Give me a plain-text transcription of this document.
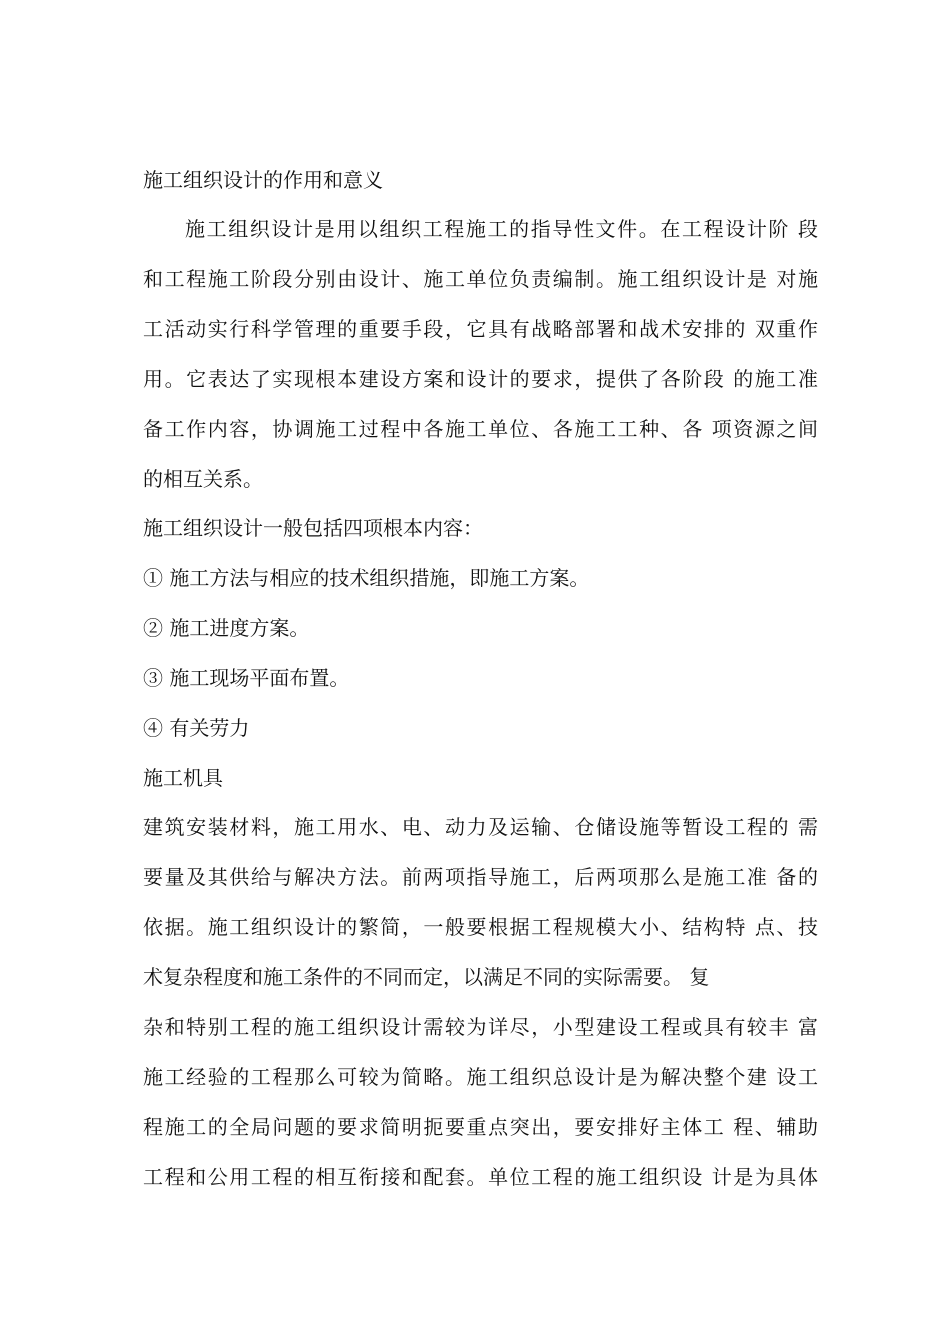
施工组织设计的作用和意义
施工组织设计是用以组织工程施工的指导性文件。在工程设计阶 段
和工程施工阶段分别由设计、施工单位负责编制。施工组织设计是 对施
工活动实行科学管理的重要手段，它具有战略部署和战术安排的 双重作
用。它表达了实现根本建设方案和设计的要求，提供了各阶段 的施工准
备工作内容，协调施工过程中各施工单位、各施工工种、各 项资源之间
的相互关系。
施工组织设计一般包括四项根本内容：
① 施工方法与相应的技术组织措施，即施工方案。
② 施工进度方案。
③ 施工现场平面布置。
④ 有关劳力
施工机具
建筑安装材料，施工用水、电、动力及运输、仓储设施等暂设工程的 需
要量及其供给与解决方法。前两项指导施工，后两项那么是施工准 备的
依据。施工组织设计的繁简，一般要根据工程规模大小、结构特 点、技
术复杂程度和施工条件的不同而定，以满足不同的实际需要。 复
杂和特别工程的施工组织设计需较为详尽，小型建设工程或具有较丰 富
施工经验的工程那么可较为简略。施工组织总设计是为解决整个建 设工
程施工的全局问题的要求简明扼要重点突出，要安排好主体工 程、辅助
工程和公用工程的相互衔接和配套。单位工程的施工组织设 计是为具体
